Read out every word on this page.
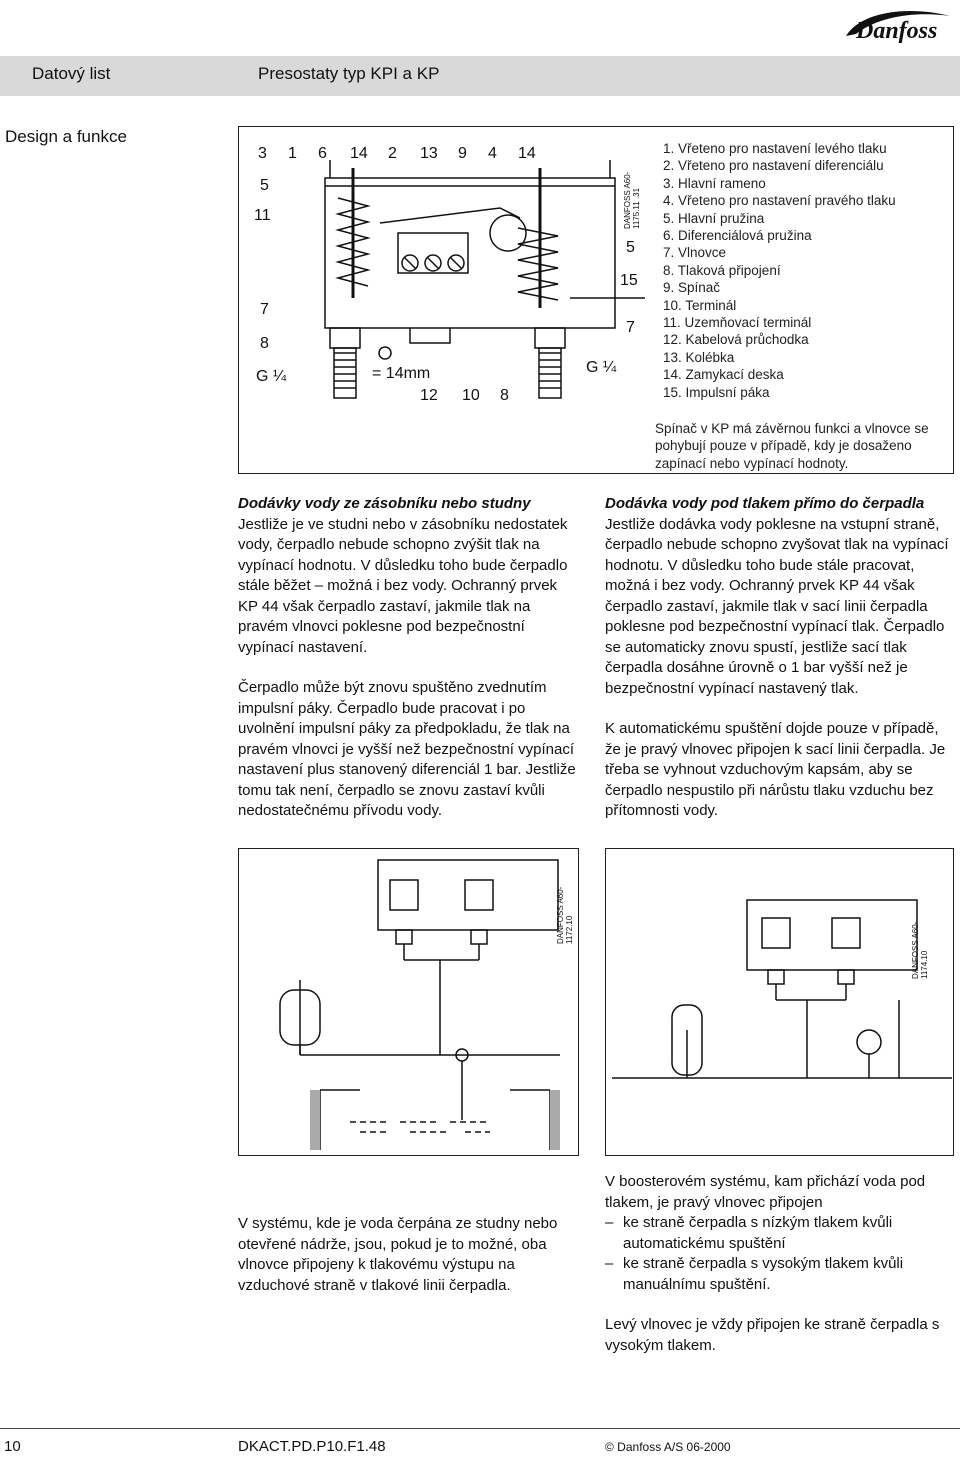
Danfoss
Datový list	Presostaty typ KPI a KP
Design a funkce
3 1 6 14 2 13 9 4 14
5
11
7
8
5
15
7
12 10 8
G ¼
G ¼
= 14mm
DANFOSS A60-1175.11 .31
1. Vřeteno pro nastavení levého tlaku
2. Vřeteno pro nastavení diferenciálu
3. Hlavní rameno
4. Vřeteno pro nastavení pravého tlaku
5. Hlavní pružina
6. Diferenciálová pružina
7. Vlnovce
8. Tlaková připojení
9. Spínač
10. Terminál
11. Uzemňovací terminál
12. Kabelová průchodka
13. Kolébka
14. Zamykací deska
15. Impulsní páka
Spínač v KP má závěrnou funkci a vlnovce se pohybují pouze v případě, kdy je dosaženo zapínací nebo vypínací hodnoty.
Dodávky vody ze zásobníku nebo studny

Jestliže je ve studni nebo v zásobníku nedostatek vody, čerpadlo nebude schopno zvýšit tlak na vypínací hodnotu. V důsledku toho bude čerpadlo stále běžet – možná i bez vody. Ochranný prvek KP 44 však čerpadlo zastaví, jakmile tlak na pravém vlnovci poklesne pod bezpečnostní vypínací nastavení.

Čerpadlo může být znovu spuštěno zvednutím impulsní páky. Čerpadlo bude pracovat i po uvolnění impulsní páky za předpokladu, že tlak na pravém vlnovci je vyšší než bezpečnostní vypínací nastavení plus stanovený diferenciál 1 bar. Jestliže tomu tak není, čerpadlo se znovu zastaví kvůli nedostatečnému přívodu vody.

Dodávka vody pod tlakem přímo do čerpadla

Jestliže dodávka vody poklesne na vstupní straně, čerpadlo nebude schopno zvyšovat tlak na vypínací hodnotu. V důsledku toho bude stále pracovat, možná i bez vody. Ochranný prvek KP 44 však čerpadlo zastaví, jakmile tlak v sací linii čerpadla poklesne pod bezpečnostní vypínací tlak. Čerpadlo se automaticky znovu spustí, jestliže sací tlak čerpadla dosáhne úrovně o 1 bar vyšší než je bezpečnostní vypínací nastavený tlak.

K automatickému spuštění dojde pouze v případě, že je pravý vlnovec připojen k sací linii čerpadla. Je třeba se vyhnout vzduchovým kapsám, aby se čerpadlo nespustilo při nárůstu tlaku vzduchu bez přítomnosti vody.

DANFOSS A60-1172.10	DANFOSS A60-1174.10
V systému, kde je voda čerpána ze studny nebo otevřené nádrže, jsou, pokud je to možné, oba vlnovce připojeny k tlakovému výstupu na vzduchové straně v tlakové linii čerpadla.

V boosterovém systému, kam přichází voda pod tlakem, je pravý vlnovec připojen

– ke straně čerpadla s nízkým tlakem kvůli automatickému spuštění
– ke straně čerpadla s vysokým tlakem kvůli manuálnímu spuštění.

Levý vlnovec je vždy připojen ke straně čerpadla s vysokým tlakem.

10	DKACT.PD.P10.F1.48	© Danfoss A/S 06-2000
